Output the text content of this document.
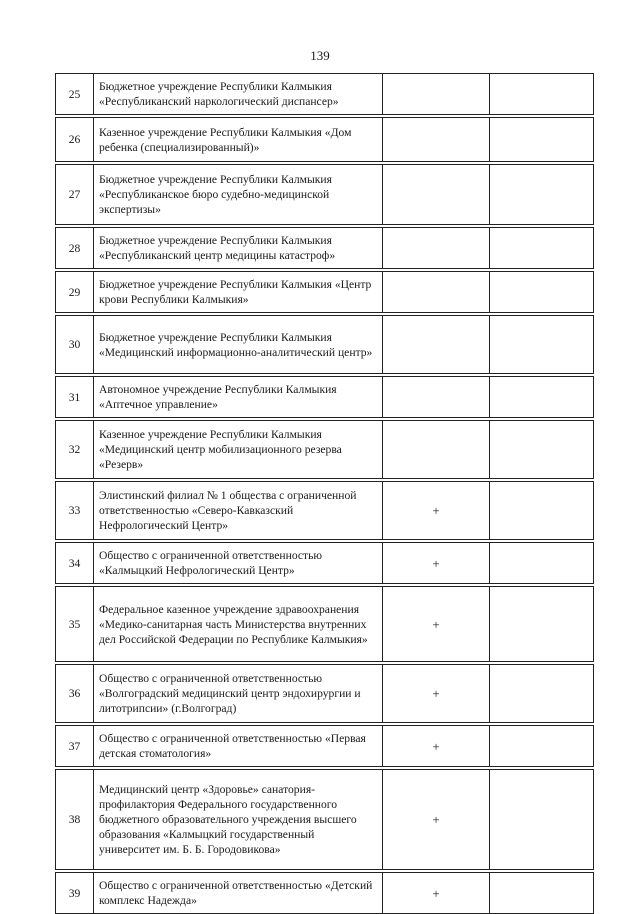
139
25	Бюджетное учреждение Республики Калмыкия «Республиканский наркологический диспансер»		

26	Казенное учреждение Республики Калмыкия «Дом ребенка (специализированный)»		

27	Бюджетное учреждение Республики Калмыкия «Республиканское бюро судебно-медицинской экспертизы»		

28	Бюджетное учреждение Республики Калмыкия «Республиканский центр медицины катастроф»		

29	Бюджетное учреждение Республики Калмыкия «Центр крови Республики Калмыкия»		

30	Бюджетное учреждение Республики Калмыкия «Медицинский информационно-аналитический центр»		

31	Автономное учреждение Республики Калмыкия «Аптечное управление»		

32	Казенное учреждение Республики Калмыкия «Медицинский центр мобилизационного резерва «Резерв»		

33	Элистинский филиал № 1 общества с ограниченной ответственностью «Северо-Кавказский Нефрологический Центр»	+	

34	Общество с ограниченной ответственностью «Калмыцкий Нефрологический Центр»	+	

35	Федеральное казенное учреждение здравоохранения «Медико-санитарная часть Министерства внутренних дел Российской Федерации по Республике Калмыкия»	+	

36	Общество с ограниченной ответственностью «Волгоградский медицинский центр эндохирургии и литотрипсии» (г.Волгоград)	+	

37	Общество с ограниченной ответственностью «Первая детская стоматология»	+	

38	Медицинский центр «Здоровье» санатория-профилактория Федерального государственного бюджетного образовательного учреждения высшего образования «Калмыцкий государственный университет им. Б. Б. Городовикова»	+	

39	Общество с ограниченной ответственностью «Детский комплекс Надежда»	+	
